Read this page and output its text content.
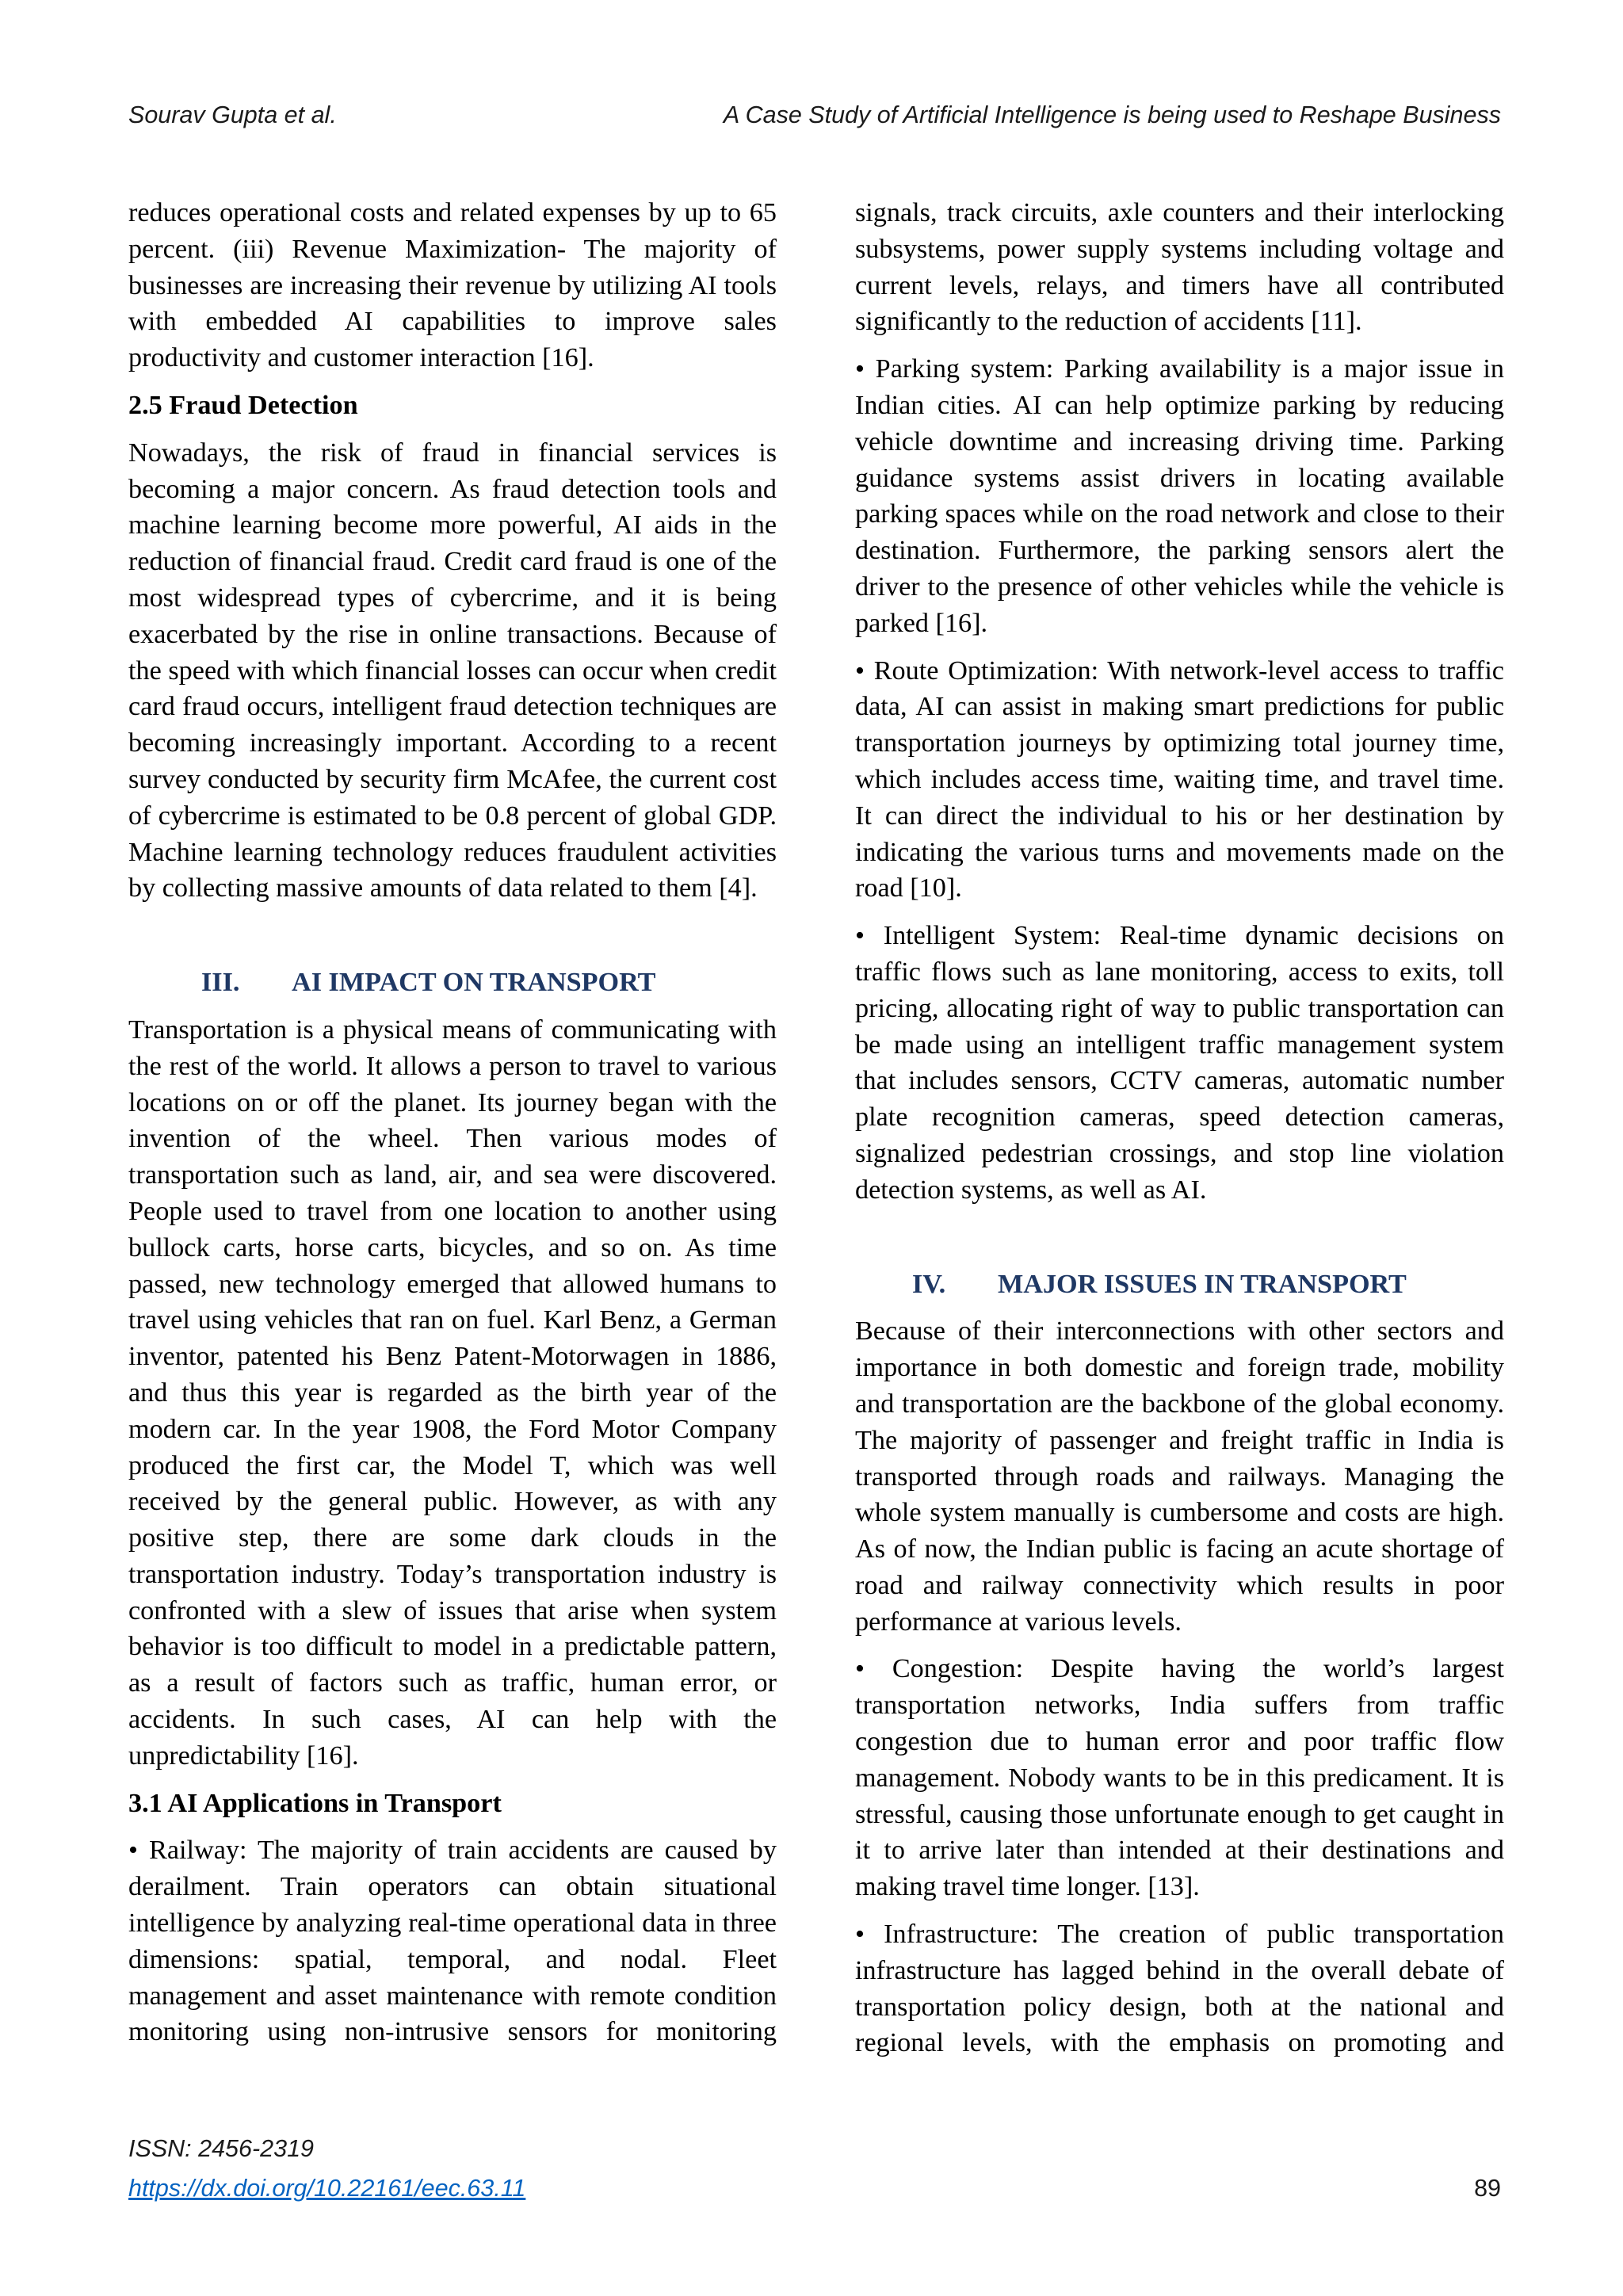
Sourav Gupta et al.	A Case Study of Artificial Intelligence is being used to Reshape Business

reduces operational costs and related expenses by up to 65 percent. (iii) Revenue Maximization- The majority of businesses are increasing their revenue by utilizing AI tools with embedded AI capabilities to improve sales productivity and customer interaction [16].

2.5 Fraud Detection

Nowadays, the risk of fraud in financial services is becoming a major concern. As fraud detection tools and machine learning become more powerful, AI aids in the reduction of financial fraud. Credit card fraud is one of the most widespread types of cybercrime, and it is being exacerbated by the rise in online transactions. Because of the speed with which financial losses can occur when credit card fraud occurs, intelligent fraud detection techniques are becoming increasingly important. According to a recent survey conducted by security firm McAfee, the current cost of cybercrime is estimated to be 0.8 percent of global GDP. Machine learning technology reduces fraudulent activities by collecting massive amounts of data related to them [4].

III. AI IMPACT ON TRANSPORT

Transportation is a physical means of communicating with the rest of the world. It allows a person to travel to various locations on or off the planet. Its journey began with the invention of the wheel. Then various modes of transportation such as land, air, and sea were discovered. People used to travel from one location to another using bullock carts, horse carts, bicycles, and so on. As time passed, new technology emerged that allowed humans to travel using vehicles that ran on fuel. Karl Benz, a German inventor, patented his Benz Patent-Motorwagen in 1886, and thus this year is regarded as the birth year of the modern car. In the year 1908, the Ford Motor Company produced the first car, the Model T, which was well received by the general public. However, as with any positive step, there are some dark clouds in the transportation industry. Today’s transportation industry is confronted with a slew of issues that arise when system behavior is too difficult to model in a predictable pattern, as a result of factors such as traffic, human error, or accidents. In such cases, AI can help with the unpredictability [16].

3.1 AI Applications in Transport

• Railway: The majority of train accidents are caused by derailment. Train operators can obtain situational intelligence by analyzing real-time operational data in three dimensions: spatial, temporal, and nodal. Fleet management and asset maintenance with remote condition monitoring using non-intrusive sensors for monitoring

signals, track circuits, axle counters and their interlocking subsystems, power supply systems including voltage and current levels, relays, and timers have all contributed significantly to the reduction of accidents [11].

• Parking system: Parking availability is a major issue in Indian cities. AI can help optimize parking by reducing vehicle downtime and increasing driving time. Parking guidance systems assist drivers in locating available parking spaces while on the road network and close to their destination. Furthermore, the parking sensors alert the driver to the presence of other vehicles while the vehicle is parked [16].

• Route Optimization: With network-level access to traffic data, AI can assist in making smart predictions for public transportation journeys by optimizing total journey time, which includes access time, waiting time, and travel time. It can direct the individual to his or her destination by indicating the various turns and movements made on the road [10].

• Intelligent System: Real-time dynamic decisions on traffic flows such as lane monitoring, access to exits, toll pricing, allocating right of way to public transportation can be made using an intelligent traffic management system that includes sensors, CCTV cameras, automatic number plate recognition cameras, speed detection cameras, signalized pedestrian crossings, and stop line violation detection systems, as well as AI.

IV. MAJOR ISSUES IN TRANSPORT

Because of their interconnections with other sectors and importance in both domestic and foreign trade, mobility and transportation are the backbone of the global economy. The majority of passenger and freight traffic in India is transported through roads and railways. Managing the whole system manually is cumbersome and costs are high. As of now, the Indian public is facing an acute shortage of road and railway connectivity which results in poor performance at various levels.

• Congestion: Despite having the world’s largest transportation networks, India suffers from traffic congestion due to human error and poor traffic flow management. Nobody wants to be in this predicament. It is stressful, causing those unfortunate enough to get caught in it to arrive later than intended at their destinations and making travel time longer. [13].

• Infrastructure: The creation of public transportation infrastructure has lagged behind in the overall debate of transportation policy design, both at the national and regional levels, with the emphasis on promoting and

ISSN: 2456-2319
https://dx.doi.org/10.22161/eec.63.11	89
